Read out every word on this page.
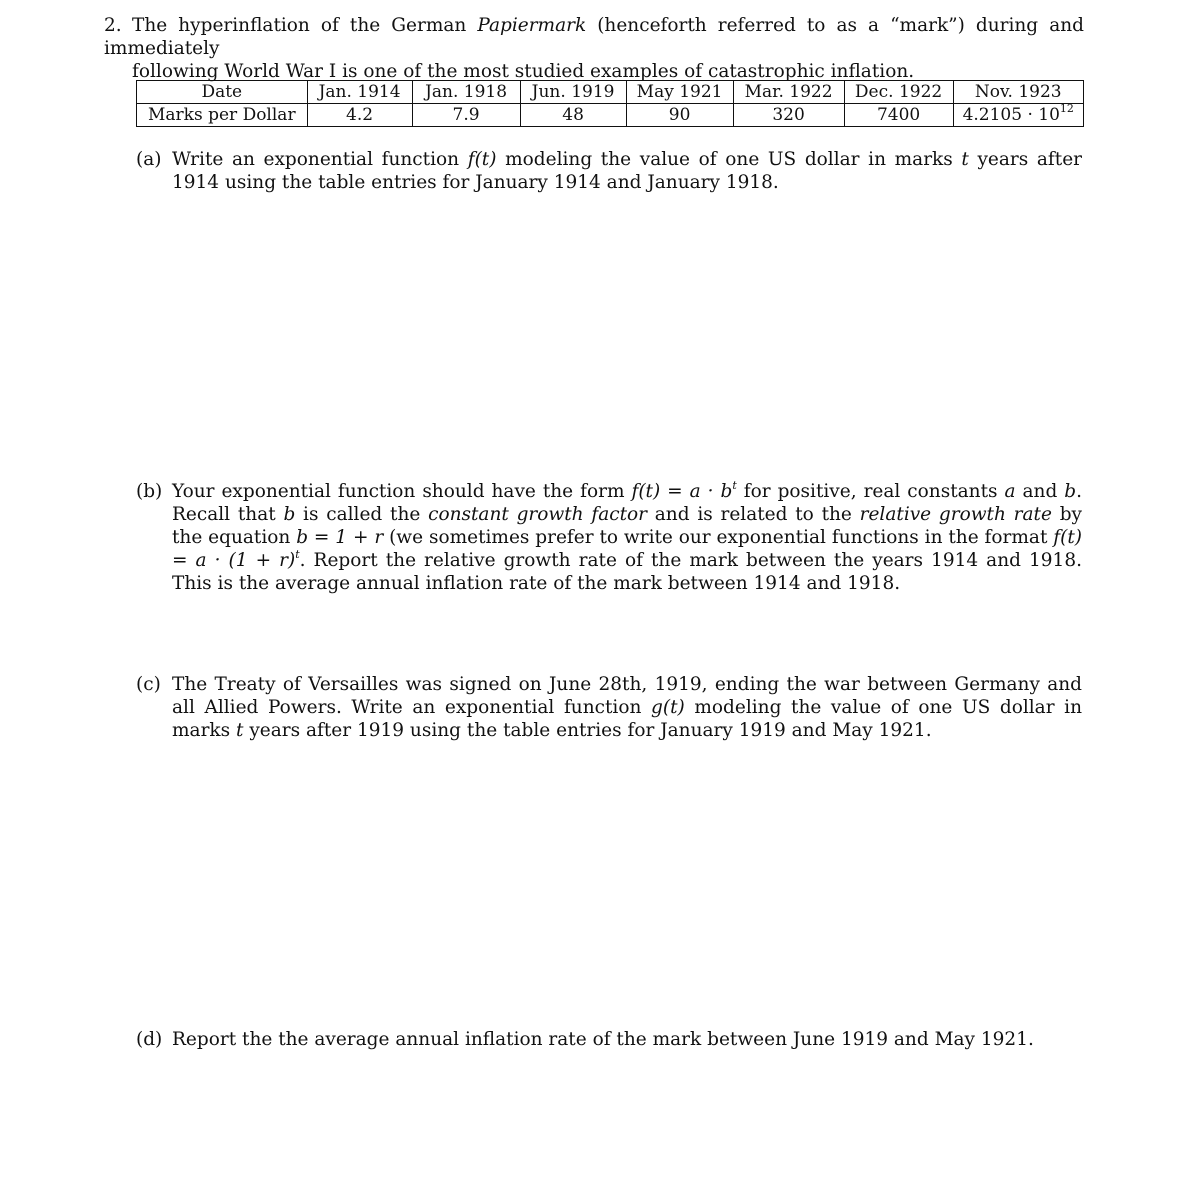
2. The hyperinflation of the German Papiermark (henceforth referred to as a “mark”) during and immediately
following World War I is one of the most studied examples of catastrophic inflation.
Date	Jan. 1914	Jan. 1918	Jun. 1919	May 1921	Mar. 1922	Dec. 1922	Nov. 1923
Marks per Dollar	4.2	7.9	48	90	320	7400	$4.2105 \cdot 10^{12}$
(a) Write an exponential function f(t) modeling the value of one US dollar in marks t years after 1914 using the table entries for January 1914 and January 1918.
(b) Your exponential function should have the form $f(t) = a \cdot b^t$ for positive, real constants a and b. Recall that b is called the constant growth factor and is related to the relative growth rate by the equation b = 1 + r (we sometimes prefer to write our exponential functions in the format $f(t) = a \cdot (1 + r)^t$. Report the relative growth rate of the mark between the years 1914 and 1918. This is the average annual inflation rate of the mark between 1914 and 1918.
(c) The Treaty of Versailles was signed on June 28th, 1919, ending the war between Germany and all Allied Powers. Write an exponential function g(t) modeling the value of one US dollar in marks t years after 1919 using the table entries for January 1919 and May 1921.
(d) Report the the average annual inflation rate of the mark between June 1919 and May 1921.
